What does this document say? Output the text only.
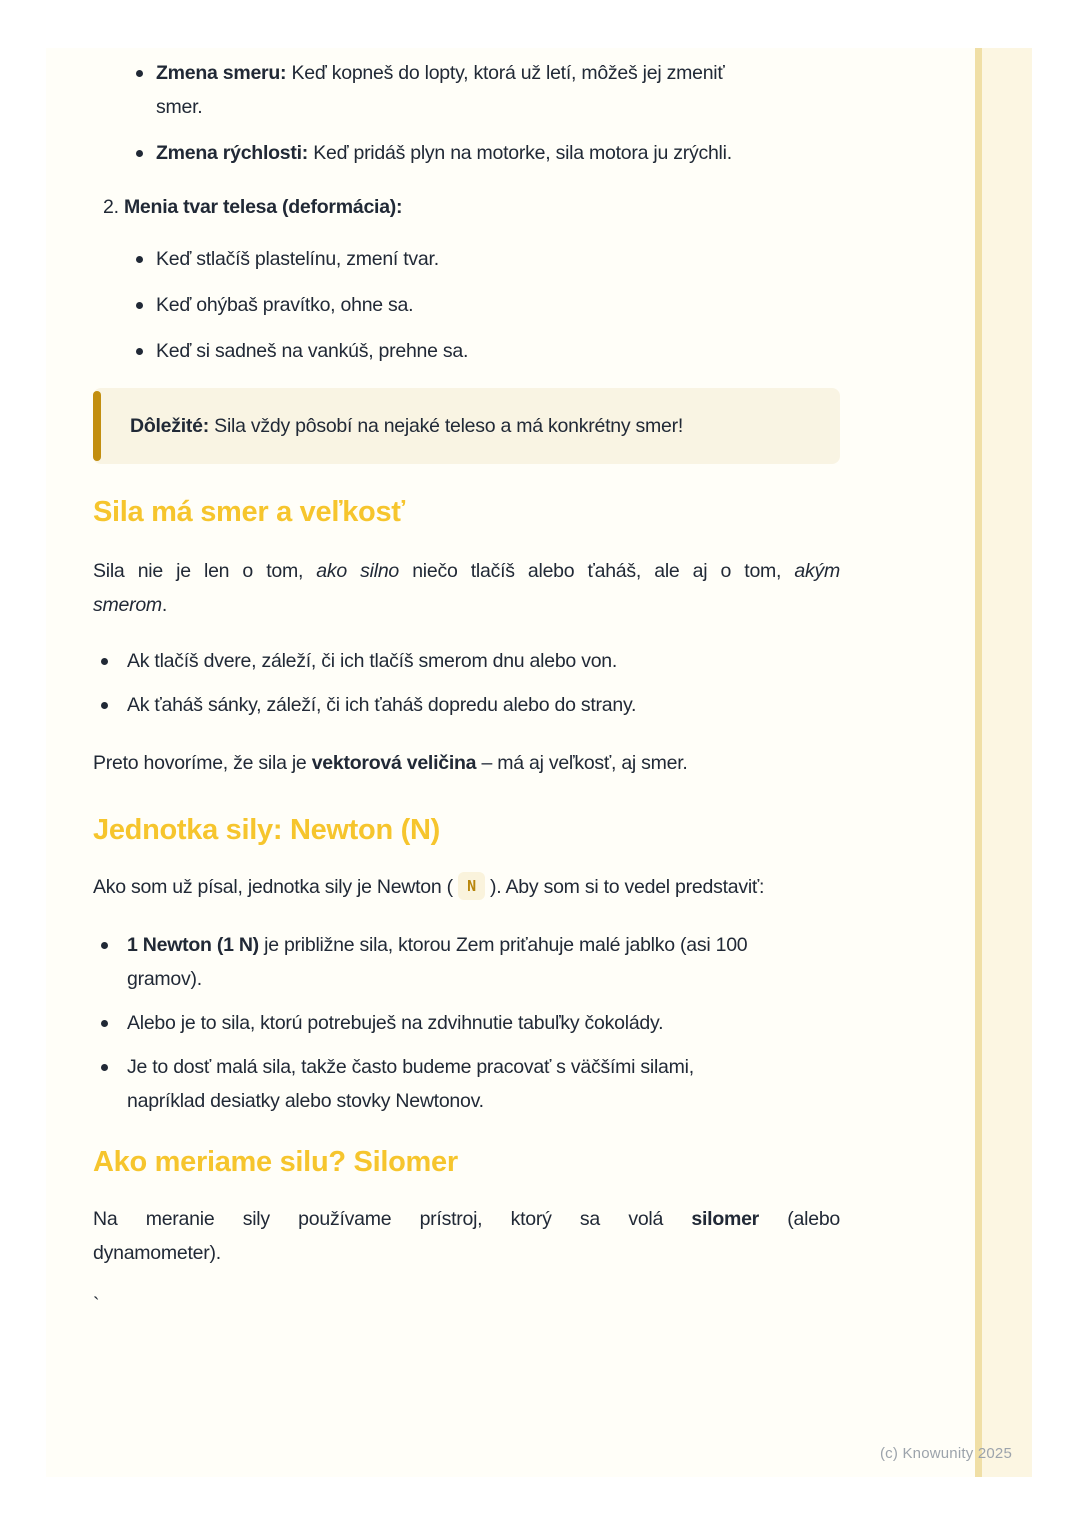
Zmena smeru: Keď kopneš do lopty, ktorá už letí, môžeš jej zmeniť
smer.
Zmena rýchlosti: Keď pridáš plyn na motorke, sila motora ju zrýchli.

2. Menia tvar telesa (deformácia):

Keď stlačíš plastelínu, zmení tvar.
Keď ohýbaš pravítko, ohne sa.
Keď si sadneš na vankúš, prehne sa.
Dôležité: Sila vždy pôsobí na nejaké teleso a má konkrétny smer!
Sila má smer a veľkosť
Sila nie je len o tom, ako silno niečo tlačíš alebo ťaháš, ale aj o tom, akým
smerom.
Ak tlačíš dvere, záleží, či ich tlačíš smerom dnu alebo von.
Ak ťaháš sánky, záleží, či ich ťaháš dopredu alebo do strany.

Preto hovoríme, že sila je vektorová veličina – má aj veľkosť, aj smer.

Jednotka sily: Newton (N)

Ako som už písal, jednotka sily je Newton ( N ). Aby som si to vedel predstaviť:

1 Newton (1 N) je približne sila, ktorou Zem priťahuje malé jablko (asi 100
gramov).
Alebo je to sila, ktorú potrebuješ na zdvihnutie tabuľky čokolády.
Je to dosť malá sila, takže často budeme pracovať s väčšími silami,
napríklad desiatky alebo stovky Newtonov.
Ako meriame silu? Silomer
Na meranie sily používame prístroj, ktorý sa volá silomer (alebo
dynamometer).

`

(c) Knowunity 2025
